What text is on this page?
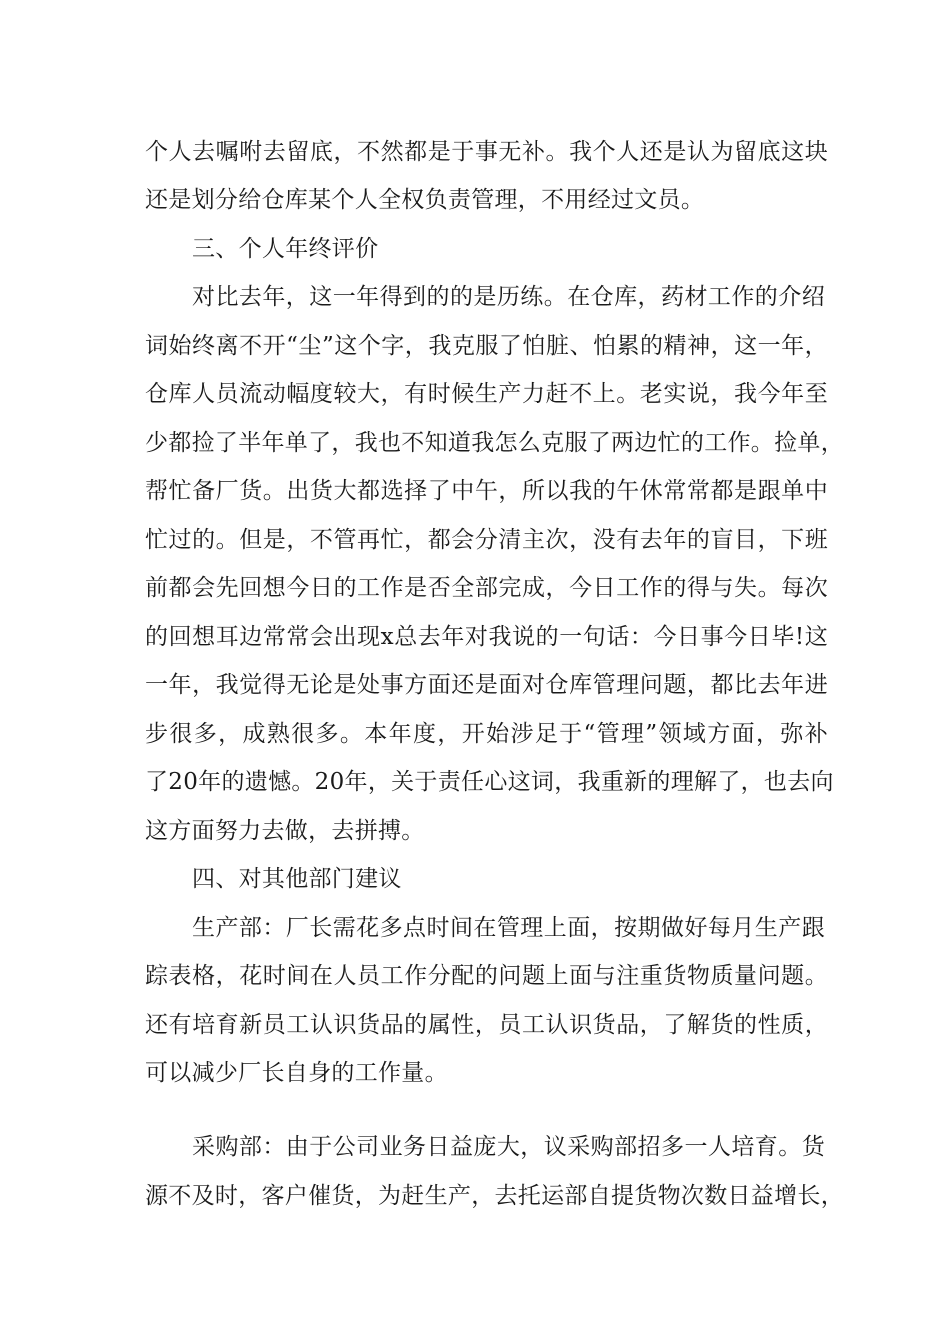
个人去嘱咐去留底，不然都是于事无补。我个人还是认为留底这块
还是划分给仓库某个人全权负责管理，不用经过文员。
三、个人年终评价
对比去年，这一年得到的的是历练。在仓库，药材工作的介绍
词始终离不开“尘”这个字，我克服了怕脏、怕累的精神，这一年，
仓库人员流动幅度较大，有时候生产力赶不上。老实说，我今年至
少都捡了半年单了，我也不知道我怎么克服了两边忙的工作。捡单，
帮忙备厂货。出货大都选择了中午，所以我的午休常常都是跟单中
忙过的。但是，不管再忙，都会分清主次，没有去年的盲目，下班
前都会先回想今日的工作是否全部完成，今日工作的得与失。每次
的回想耳边常常会出现x总去年对我说的一句话：今日事今日毕!这
一年，我觉得无论是处事方面还是面对仓库管理问题，都比去年进
步很多，成熟很多。本年度，开始涉足于“管理”领域方面，弥补
了20年的遗憾。20年，关于责任心这词，我重新的理解了，也去向
这方面努力去做，去拼搏。
四、对其他部门建议
生产部：厂长需花多点时间在管理上面，按期做好每月生产跟
踪表格，花时间在人员工作分配的问题上面与注重货物质量问题。
还有培育新员工认识货品的属性，员工认识货品，了解货的性质，
可以减少厂长自身的工作量。
采购部：由于公司业务日益庞大，议采购部招多一人培育。货
源不及时，客户催货，为赶生产，去托运部自提货物次数日益增长，
